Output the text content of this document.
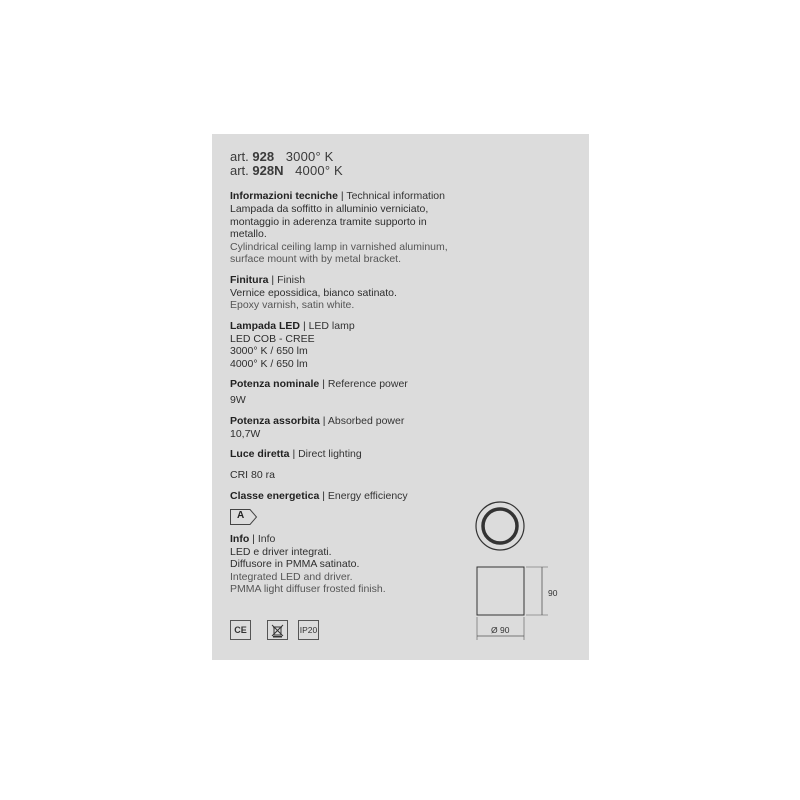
art. 928 3000° K
art. 928N 4000° K
Informazioni tecniche | Technical information
Lampada da soffitto in alluminio verniciato,
montaggio in aderenza tramite supporto in
metallo.
Cylindrical ceiling lamp in varnished aluminum,
surface mount with by metal bracket.
Finitura | Finish
Vernice epossidica, bianco satinato.
Epoxy varnish, satin white.
Lampada LED | LED lamp
LED COB - CREE
3000° K / 650 lm
4000° K / 650 lm
Potenza nominale | Reference power
9W
Potenza assorbita | Absorbed power
10,7W
Luce diretta | Direct lighting
CRI 80 ra
Classe energetica | Energy efficiency
A
Info | Info
LED e driver integrati.
Diffusore in PMMA satinato.
Integrated LED and driver.
PMMA light diffuser frosted finish.
CE	IP20
90
Ø 90
